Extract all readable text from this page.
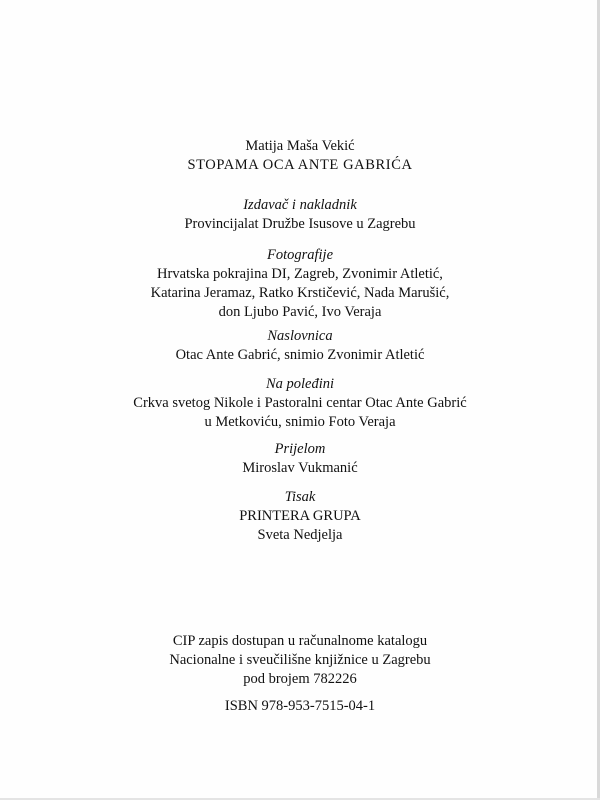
Matija Maša Vekić
STOPAMA OCA ANTE GABRIĆA
Izdavač i nakladnik
Provincijalat Družbe Isusove u Zagrebu
Fotografije
Hrvatska pokrajina DI, Zagreb, Zvonimir Atletić,
Katarina Jeramaz, Ratko Krstičević, Nada Marušić,
don Ljubo Pavić, Ivo Veraja
Naslovnica
Otac Ante Gabrić, snimio Zvonimir Atletić
Na poleđini
Crkva svetog Nikole i Pastoralni centar Otac Ante Gabrić
u Metkoviću, snimio Foto Veraja
Prijelom
Miroslav Vukmanić
Tisak
PRINTERA GRUPA
Sveta Nedjelja
CIP zapis dostupan u računalnome katalogu
Nacionalne i sveučilišne knjižnice u Zagrebu
pod brojem 782226
ISBN 978-953-7515-04-1
